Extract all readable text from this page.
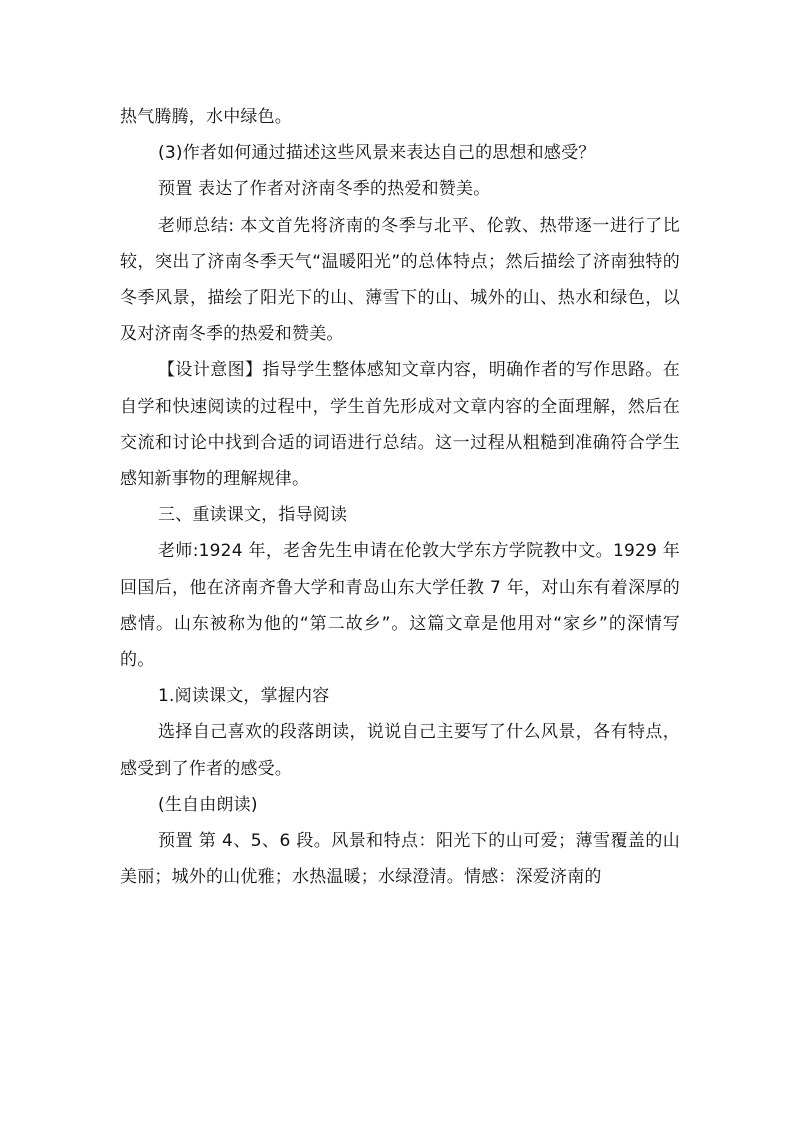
热气腾腾，水中绿色。

(3)作者如何通过描述这些风景来表达自己的思想和感受？

预置 表达了作者对济南冬季的热爱和赞美。

老师总结: 本文首先将济南的冬季与北平、伦敦、热带逐一进行了比较，突出了济南冬季天气“温暖阳光”的总体特点；然后描绘了济南独特的冬季风景，描绘了阳光下的山、薄雪下的山、城外的山、热水和绿色，以及对济南冬季的热爱和赞美。

【设计意图】指导学生整体感知文章内容，明确作者的写作思路。在自学和快速阅读的过程中，学生首先形成对文章内容的全面理解，然后在交流和讨论中找到合适的词语进行总结。这一过程从粗糙到准确符合学生感知新事物的理解规律。

三、重读课文，指导阅读

老师:1924 年，老舍先生申请在伦敦大学东方学院教中文。1929 年回国后，他在济南齐鲁大学和青岛山东大学任教 7 年，对山东有着深厚的感情。山东被称为他的“第二故乡”。这篇文章是他用对“家乡”的深情写的。

1.阅读课文，掌握内容

选择自己喜欢的段落朗读，说说自己主要写了什么风景，各有特点，感受到了作者的感受。

(生自由朗读)

预置 第 4、5、6 段。风景和特点：阳光下的山可爱；薄雪覆盖的山美丽；城外的山优雅；水热温暖；水绿澄清。情感：深爱济南的
